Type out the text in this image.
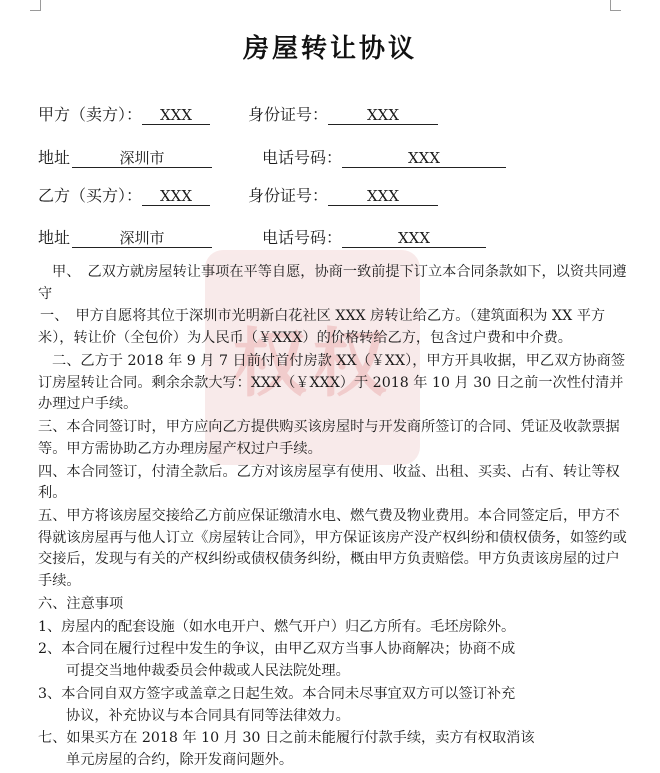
权权
房屋转让协议
甲方（卖方）： XXX	身份证号：	XXX
地址	深圳市	电话号码：	XXX
乙方（买方）： XXX	身份证号：	XXX
地址	深圳市	电话号码：	XXX

甲、　乙双方就房屋转让事项在平等自愿，协商一致前提下订立本合同条款如下，以资共同遵守

一、　甲方自愿将其位于深圳市光明新白花社区 XXX 房转让给乙方。（建筑面积为 XX 平方米），转让价（全包价）为人民币（￥XXX）的价格转给乙方，包含过户费和中介费。

二、乙方于 2018 年 9 月 7 日前付首付房款 XX（￥XX），甲方开具收据，甲乙双方协商签订房屋转让合同。剩余余款大写：XXX（￥XXX）于 2018 年 10 月 30 日之前一次性付清并办理过户手续。

三、本合同签订时，甲方应向乙方提供购买该房屋时与开发商所签订的合同、凭证及收款票据等。甲方需协助乙方办理房屋产权过户手续。

四、本合同签订，付清全款后。乙方对该房屋享有使用、收益、出租、买卖、占有、转让等权利。

五、甲方将该房屋交接给乙方前应保证缴清水电、燃气费及物业费用。本合同签定后，甲方不得就该房屋再与他人订立《房屋转让合同》，甲方保证该房产没产权纠纷和债权债务，如签约或交接后，发现与有关的产权纠纷或债权债务纠纷，概由甲方负责赔偿。甲方负责该房屋的过户手续。

六、注意事项

1、房屋内的配套设施（如水电开户、燃气开户）归乙方所有。毛坯房除外。

2、本合同在履行过程中发生的争议，由甲乙双方当事人协商解决；协商不成
可提交当地仲裁委员会仲裁或人民法院处理。

3、本合同自双方签字或盖章之日起生效。本合同未尽事宜双方可以签订补充
协议，补充协议与本合同具有同等法律效力。

七、如果买方在 2018 年 10 月 30 日之前未能履行付款手续，卖方有权取消该
单元房屋的合约，除开发商问题外。
